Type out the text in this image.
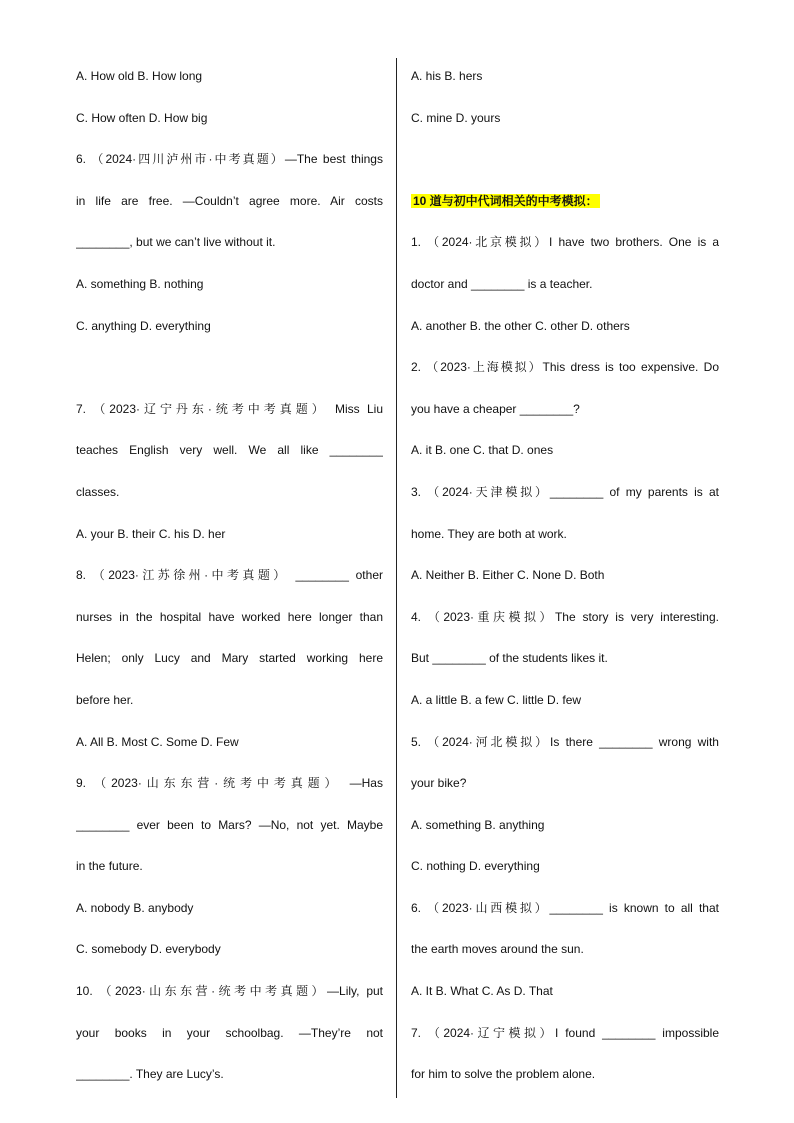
A. How old B. How long
C. How often D. How big
6. （2024·四川泸州市·中考真题）—The best things
in life are free. —Couldn’t agree more. Air costs
________, but we can’t live without it.
A. something B. nothing
C. anything D. everything
7. （2023·辽宁丹东·统考中考真题） Miss Liu
teaches English very well. We all like ________
classes.
A. your B. their C. his D. her
8. （2023·江苏徐州·中考真题） ________ other
nurses in the hospital have worked here longer than
Helen; only Lucy and Mary started working here
before her.
A. All B. Most C. Some D. Few
9. （2023·山东东营·统考中考真题） —Has
________ ever been to Mars? —No, not yet. Maybe
in the future.
A. nobody B. anybody
C. somebody D. everybody
10. （2023·山东东营·统考中考真题）—Lily, put
your books in your schoolbag. —They’re not
________. They are Lucy’s.
A. his B. hers
C. mine D. yours
10 道与初中代词相关的中考模拟：
1. （2024·北京模拟）I have two brothers. One is a
doctor and ________ is a teacher.
A. another B. the other C. other D. others
2. （2023·上海模拟）This dress is too expensive. Do
you have a cheaper ________?
A. it B. one C. that D. ones
3. （2024·天津模拟）________ of my parents is at
home. They are both at work.
A. Neither B. Either C. None D. Both
4. （2023·重庆模拟）The story is very interesting.
But ________ of the students likes it.
A. a little B. a few C. little D. few
5. （2024·河北模拟）Is there ________ wrong with
your bike?
A. something B. anything
C. nothing D. everything
6. （2023·山西模拟）________ is known to all that
the earth moves around the sun.
A. It B. What C. As D. That
7. （2024·辽宁模拟）I found ________ impossible
for him to solve the problem alone.
